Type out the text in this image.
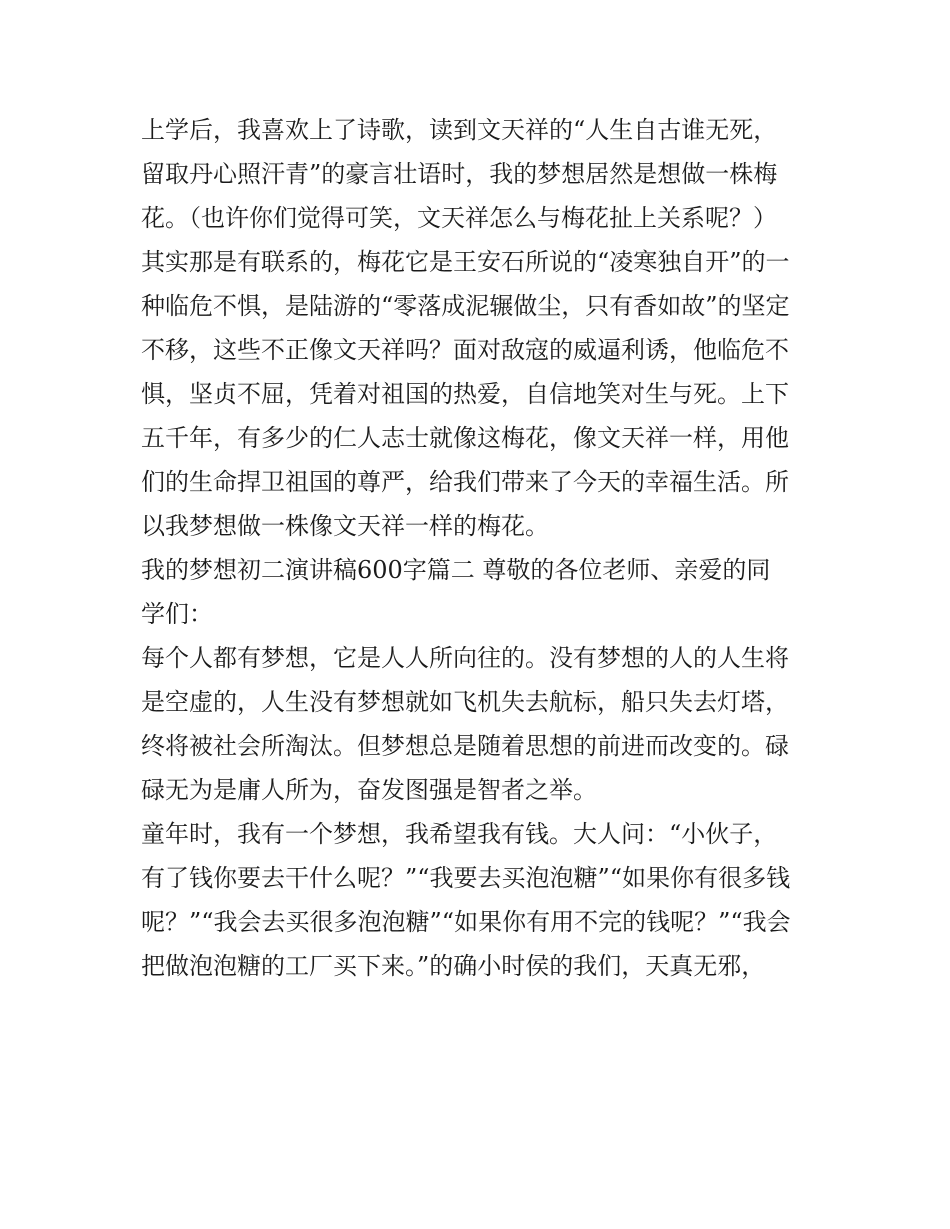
上学后，我喜欢上了诗歌，读到文天祥的“人生自古谁无死，
留取丹心照汗青”的豪言壮语时，我的梦想居然是想做一株梅
花。（也许你们觉得可笑，文天祥怎么与梅花扯上关系呢？）
其实那是有联系的，梅花它是王安石所说的“凌寒独自开”的一
种临危不惧，是陆游的“零落成泥辗做尘，只有香如故”的坚定
不移，这些不正像文天祥吗？面对敌寇的威逼利诱，他临危不
惧，坚贞不屈，凭着对祖国的热爱，自信地笑对生与死。上下
五千年，有多少的仁人志士就像这梅花，像文天祥一样，用他
们的生命捍卫祖国的尊严，给我们带来了今天的幸福生活。所
以我梦想做一株像文天祥一样的梅花。
我的梦想初二演讲稿600字篇二 尊敬的各位老师、亲爱的同
学们：
每个人都有梦想，它是人人所向往的。没有梦想的人的人生将
是空虚的，人生没有梦想就如飞机失去航标，船只失去灯塔，
终将被社会所淘汰。但梦想总是随着思想的前进而改变的。碌
碌无为是庸人所为，奋发图强是智者之举。
童年时，我有一个梦想，我希望我有钱。大人问：“小伙子，
有了钱你要去干什么呢？”“我要去买泡泡糖”“如果你有很多钱
呢？”“我会去买很多泡泡糖”“如果你有用不完的钱呢？”“我会
把做泡泡糖的工厂买下来。”的确小时侯的我们，天真无邪，
